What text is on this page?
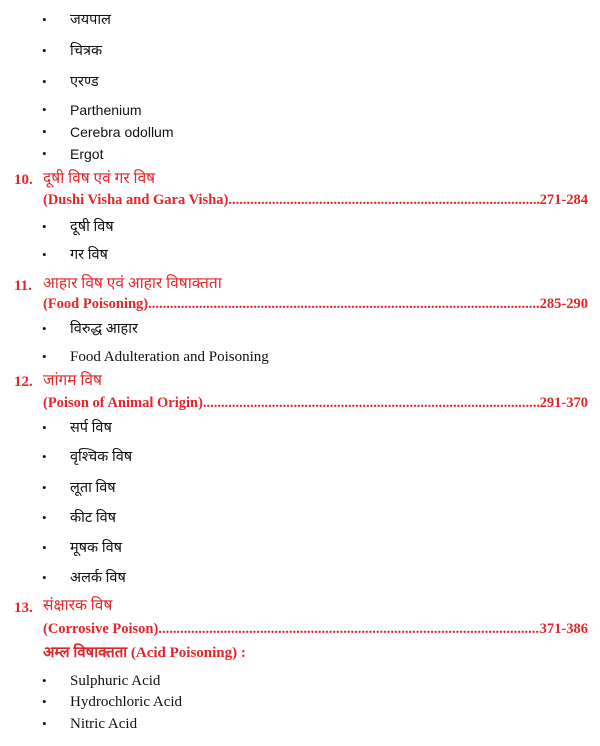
• जयपाल
• चित्रक
• एरण्ड
• Parthenium
• Cerebra odollum
• Ergot
10. दूषी विष एवं गर विष
(Dushi Visha and Gara Visha) .....	271-284
• दूषी विष
• गर विष
11. आहार विष एवं आहार विषाक्तता
(Food Poisoning) .....	285-290
• विरुद्ध आहार
• Food Adulteration and Poisoning
12. जांगम विष
(Poison of Animal Origin) .....	291-370
• सर्प विष
• वृश्चिक विष
• लूता विष
• कीट विष
• मूषक विष
• अलर्क विष
13. संक्षारक विष
(Corrosive Poison) .....	371-386
अम्ल विषाक्तता (Acid Poisoning) :
• Sulphuric Acid
• Hydrochloric Acid
• Nitric Acid
